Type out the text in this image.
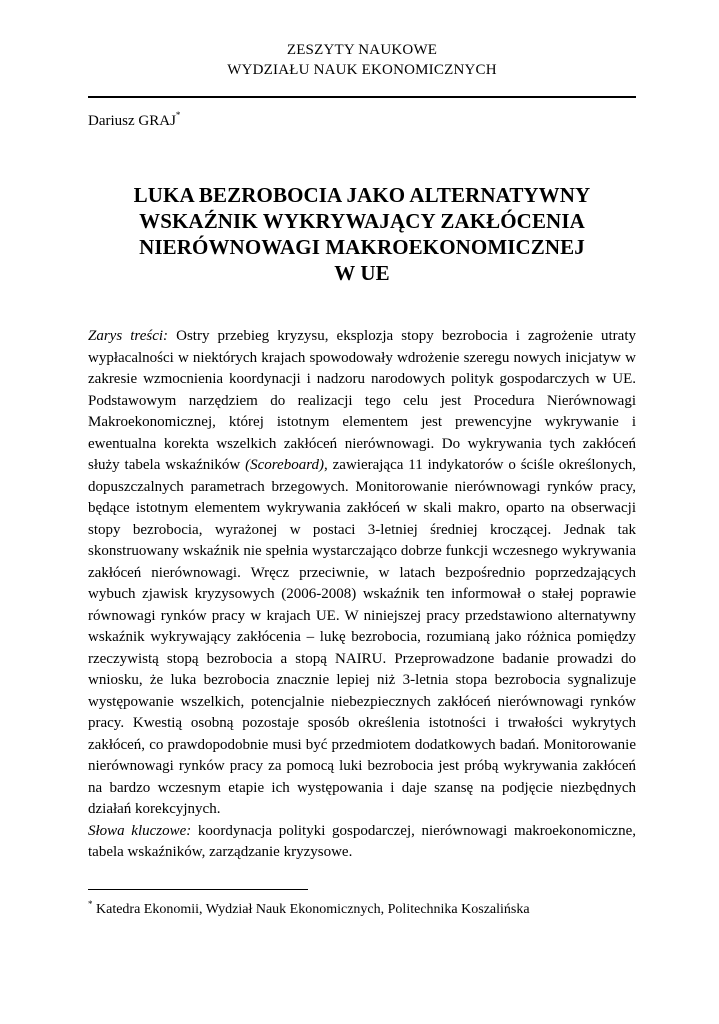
ZESZYTY NAUKOWE
WYDZIAŁU NAUK EKONOMICZNYCH
Dariusz GRAJ*
LUKA BEZROBOCIA JAKO ALTERNATYWNY
WSKAŹNIK WYKRYWAJĄCY ZAKŁÓCENIA
NIERÓWNOWAGI MAKROEKONOMICZNEJ
W UE

Zarys treści: Ostry przebieg kryzysu, eksplozja stopy bezrobocia i zagrożenie utraty wypłacalności w niektórych krajach spowodowały wdrożenie szeregu nowych inicjatyw w zakresie wzmocnienia koordynacji i nadzoru narodowych polityk gospodarczych w UE. Podstawowym narzędziem do realizacji tego celu jest Procedura Nierównowagi Makroekonomicznej, której istotnym elementem jest prewencyjne wykrywanie i ewentualna korekta wszelkich zakłóceń nierównowagi. Do wykrywania tych zakłóceń służy tabela wskaźników (Scoreboard), zawierająca 11 indykatorów o ściśle określonych, dopuszczalnych parametrach brzegowych. Monitorowanie nierównowagi rynków pracy, będące istotnym elementem wykrywania zakłóceń w skali makro, oparto na obserwacji stopy bezrobocia, wyrażonej w postaci 3-letniej średniej kroczącej. Jednak tak skonstruowany wskaźnik nie spełnia wystarczająco dobrze funkcji wczesnego wykrywania zakłóceń nierównowagi. Wręcz przeciwnie, w latach bezpośrednio poprzedzających wybuch zjawisk kryzysowych (2006-2008) wskaźnik ten informował o stałej poprawie równowagi rynków pracy w krajach UE. W niniejszej pracy przedstawiono alternatywny wskaźnik wykrywający zakłócenia – lukę bezrobocia, rozumianą jako różnica pomiędzy rzeczywistą stopą bezrobocia a stopą NAIRU. Przeprowadzone badanie prowadzi do wniosku, że luka bezrobocia znacznie lepiej niż 3-letnia stopa bezrobocia sygnalizuje występowanie wszelkich, potencjalnie niebezpiecznych zakłóceń nierównowagi rynków pracy. Kwestią osobną pozostaje sposób określenia istotności i trwałości wykrytych zakłóceń, co prawdopodobnie musi być przedmiotem dodatkowych badań. Monitorowanie nierównowagi rynków pracy za pomocą luki bezrobocia jest próbą wykrywania zakłóceń na bardzo wczesnym etapie ich występowania i daje szansę na podjęcie niezbędnych działań korekcyjnych.

Słowa kluczowe: koordynacja polityki gospodarczej, nierównowagi makroekonomiczne, tabela wskaźników, zarządzanie kryzysowe.

* Katedra Ekonomii, Wydział Nauk Ekonomicznych, Politechnika Koszalińska
